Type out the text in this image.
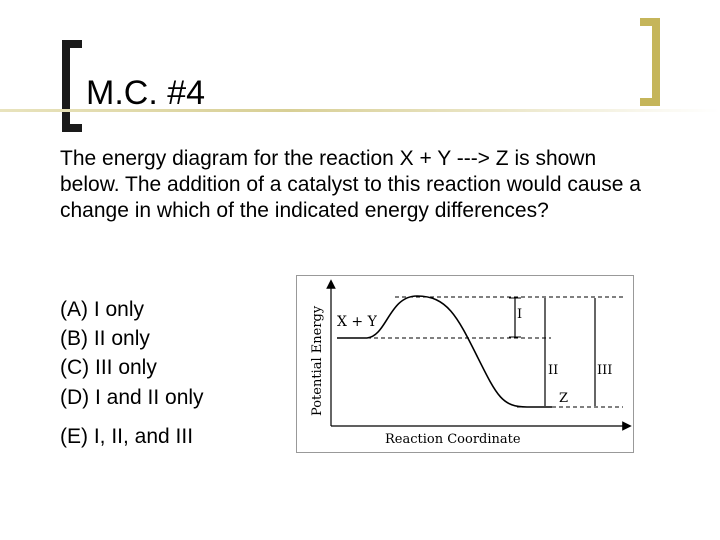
M.C. #4
The energy diagram for the reaction X + Y ---> Z is shown below. The addition of a catalyst to this reaction would cause a change in which of the indicated energy differences?
(A) I only
(B) II only
(C) III only
(D) I and II only
(E) I, II, and III
Potential Energy
Reaction Coordinate
X + Y	I
II	III
Z
